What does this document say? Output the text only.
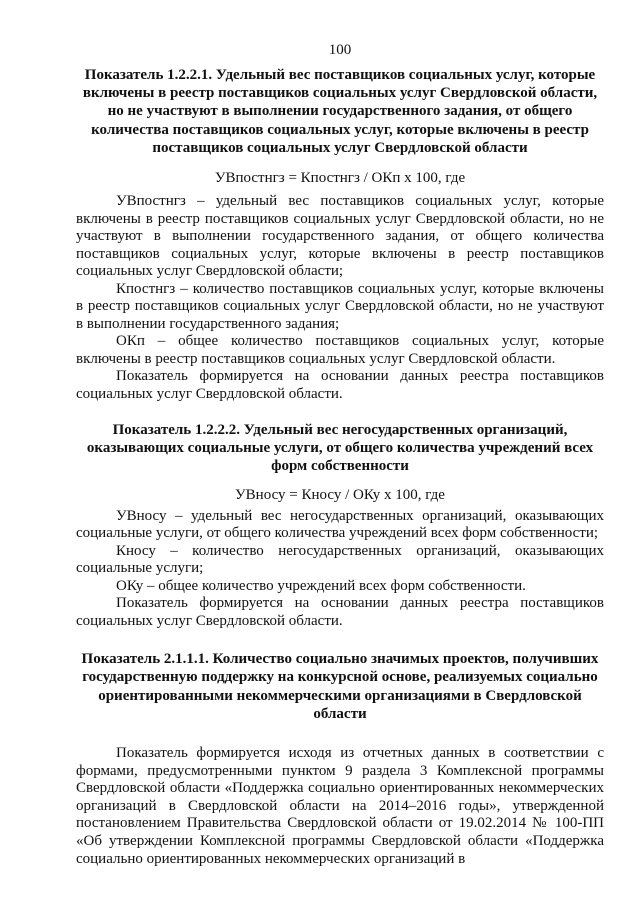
100
Показатель 1.2.2.1. Удельный вес поставщиков социальных услуг, которые включены в реестр поставщиков социальных услуг Свердловской области, но не участвуют в выполнении государственного задания, от общего количества поставщиков социальных услуг, которые включены в реестр поставщиков социальных услуг Свердловской области
УВпостнгз = Кпостнгз / ОКп х 100, где
УВпостнгз – удельный вес поставщиков социальных услуг, которые включены в реестр поставщиков социальных услуг Свердловской области, но не участвуют в выполнении государственного задания, от общего количества поставщиков социальных услуг, которые включены в реестр поставщиков социальных услуг Свердловской области;
Кпостнгз – количество поставщиков социальных услуг, которые включены в реестр поставщиков социальных услуг Свердловской области, но не участвуют в выполнении государственного задания;
ОКп – общее количество поставщиков социальных услуг, которые включены в реестр поставщиков социальных услуг Свердловской области.
Показатель формируется на основании данных реестра поставщиков социальных услуг Свердловской области.
Показатель 1.2.2.2. Удельный вес негосударственных организаций, оказывающих социальные услуги, от общего количества учреждений всех форм собственности
УВносу = Кносу / ОКу х 100, где
УВносу – удельный вес негосударственных организаций, оказывающих социальные услуги, от общего количества учреждений всех форм собственности;
Кносу – количество негосударственных организаций, оказывающих социальные услуги;
ОКу – общее количество учреждений всех форм собственности.
Показатель формируется на основании данных реестра поставщиков социальных услуг Свердловской области.
Показатель 2.1.1.1. Количество социально значимых проектов, получивших государственную поддержку на конкурсной основе, реализуемых социально ориентированными некоммерческими организациями в Свердловской области
Показатель формируется исходя из отчетных данных в соответствии с формами, предусмотренными пунктом 9 раздела 3 Комплексной программы Свердловской области «Поддержка социально ориентированных некоммерческих организаций в Свердловской области на 2014–2016 годы», утвержденной постановлением Правительства Свердловской области от 19.02.2014 № 100-ПП «Об утверждении Комплексной программы Свердловской области «Поддержка социально ориентированных некоммерческих организаций в
